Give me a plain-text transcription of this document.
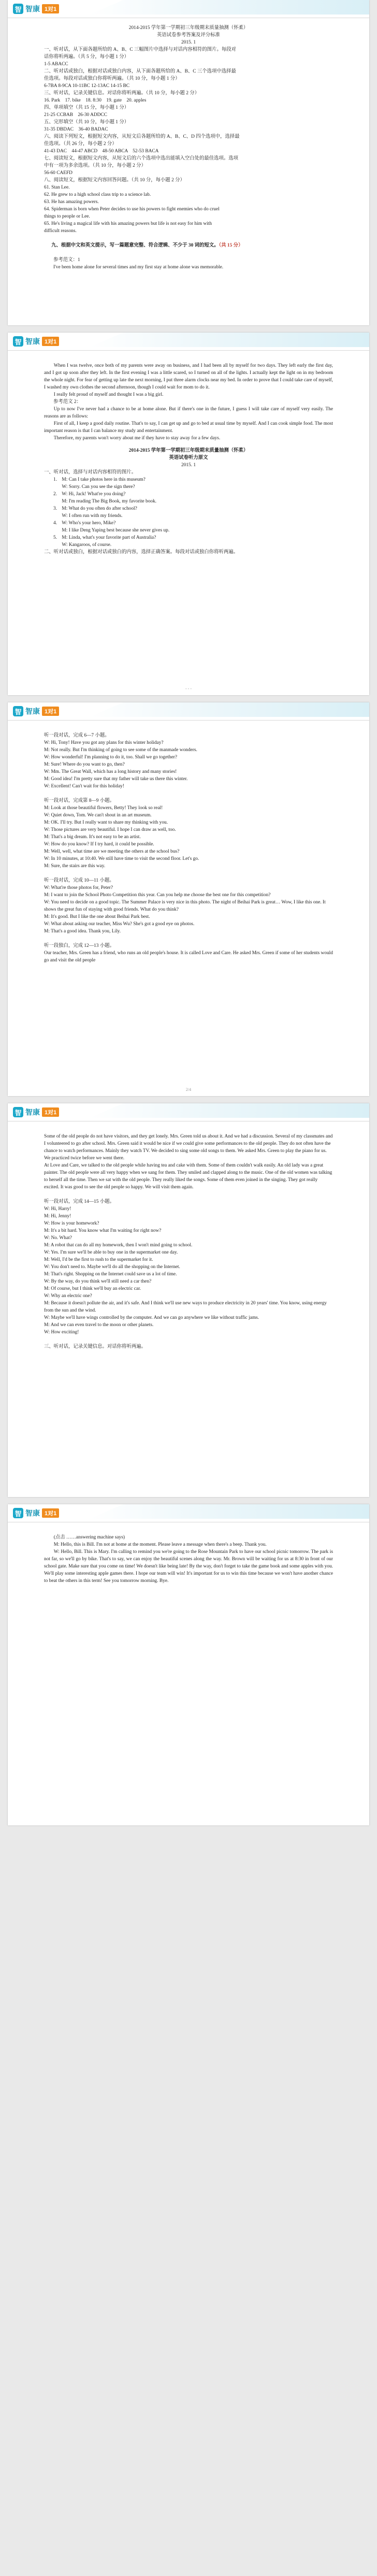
智 智康 1对1

2014-2015 学年第一学期初三年级期末质量抽测（怀柔）

英语试卷参考答案及评分标准

2015. 1

一、听对话，从下面各题所给的 A、B、C 三幅图片中选择与对话内容相符的图片。每段对

话你将听两遍。（共 5 分，每小题 1 分）

1-5 ABACC

二、听对话或独白，根据对话或独白内容，从下面各题所给的 A、B、C 三个选项中选择最

佳选项。每段对话或独白你将听两遍。（共 10 分，每小题 1 分）

6-7BA 8-9CA 10-11BC 12-13AC 14-15 BC

三、听对话，记录关键信息。对话你将听两遍。（共 10 分，每小题 2 分）

16. Park    17. bike    18. 8:30    19. gate    20. apples

四、单项填空（共 15 分，每小题 1 分）

21-25 CCBAB    26-30 ADDCC

五、完形填空（共 10 分，每小题 1 分）

31-35 DBDAC    36-40 BADAC

六、阅读下列短文，根据短文内容，从短文后各题所给的 A、B、C、D 四个选项中，选择最

佳选项。（共 26 分，每小题 2 分）

41-43 DAC    44-47 ABCD    48-50 ABCA    52-53 BACA

七、阅读短文，根据短文内容，从短文后的六个选项中选出能填入空白处的最佳选项。选项

中有一项为多余选项。（共 10 分，每小题 2 分）

56-60 CAEFD

八、阅读短文，根据短文内容回答问题。（共 10 分，每小题 2 分）

61. Stan Lee.

62. He grew to a high school class trip to a science lab.

63. He has amazing powers.

64. Spiderman is born when Peter decides to use his powers to fight enemies who do cruel

things to people or Lee.

65. He's living a magical life with his amazing powers but life is not easy for him with

difficult reasons.

九、根据中文和英文提示，写一篇题意完整、符合逻辑、不少于 30 词的短文。（共 15 分）

参考范文：1

I've been home alone for several times and my first stay at home alone was memorable.

智 智康 1对1

When I was twelve, once both of my parents were away on business, and I had been all by myself for two days. They left early the first day, and I got up soon after they left. In the first evening I was a little scared, so I turned on all of the lights. I actually kept the light on in my bedroom the whole night. For fear of getting up late the next morning, I put three alarm clocks near my bed. In order to prove that I could take care of myself, I washed my own clothes the second afternoon, though I could wait for mom to do it.

I really felt proud of myself and thought I was a big girl.

参考范文 2：

Up to now I've never had a chance to be at home alone. But if there's one in the future, I guess I will take care of myself very easily. The reasons are as follows:

First of all, I keep a good daily routine. That's to say, I can get up and go to bed at usual time by myself. And I can cook simple food. The most important reason is that I can balance my study and entertainment.

Therefore, my parents won't worry about me if they have to stay away for a few days.

2014-2015 学年第一学期初三年级期末质量抽测（怀柔）

英语试卷听力原文

2015. 1

一、听对话，选择与对话内容相符的图片。

1.    M: Can I take photos here in this museum?

W: Sorry. Can you see the sign there?

2.    W: Hi, Jack! What're you doing?

M: I'm reading The Big Book, my favorite book.

3.    M: What do you often do after school?

W: I often run with my friends.

4.    W: Who's your hero, Mike?

M: I like Deng Yaping best because she never gives up.

5.    M: Linda, what's your favorite part of Australia?

W: Kangaroos, of course.

二、听对话或独白，根据对话或独白的内容，选择正确答案。每段对话或独白你将听两遍。

- - -
智 智康 1对1

听一段对话，完成 6—7 小题。

W: Hi, Tony! Have you got any plans for this winter holiday?

M: Not really. But I'm thinking of going to see some of the manmade wonders.

W: How wonderful! I'm planning to do it, too. Shall we go together?

M: Sure! Where do you want to go, then?

W: Mm. The Great Wall, which has a long history and many stories!

M: Good idea! I'm pretty sure that my father will take us there this winter.

W: Excellent! Can't wait for this holiday!

听一段对话，完成第 8—9 小题。

M: Look at those beautiful flowers, Betty! They look so real!

W: Quiet down, Tom. We can't shout in an art museum.

M: OK. I'll try. But I really want to share my thinking with you.

W: Those pictures are very beautiful. I hope I can draw as well, too.

M: That's a big dream. It's not easy to be an artist.

W: How do you know? If I try hard, it could be possible.

M: Well, well, what time are we meeting the others at the school bus?

W: In 10 minutes, at 10:40. We still have time to visit the second floor. Let's go.

M: Sure, the stairs are this way.

听一段对话，完成 10—11 小题。

W: What're those photos for, Peter?

M: I want to join the School Photo Competition this year. Can you help me choose the best one for this competition?

W: You need to decide on a good topic. The Summer Palace is very nice in this photo. The night of Beihai Park is great… Wow, I like this one. It shows the great fun of staying with good friends. What do you think?

M: It's good. But I like the one about Beihai Park best.

W: What about asking our teacher, Miss Wu? She's got a good eye on photos.

M: That's a good idea. Thank you, Lily.

听一段独白，完成 12—13 小题。

Our teacher, Mrs. Green has a friend, who runs an old people's house. It is called Love and Care. He asked Mrs. Green if some of her students would go and visit the old people

2/4
智 智康 1对1

Some of the old people do not have visitors, and they get lonely. Mrs. Green told us about it. And we had a discussion. Several of my classmates and I volunteered to go after school. Mrs. Green said it would be nice if we could give some performances to the old people. They do not often have the chance to watch performances. Mainly they watch TV. We decided to sing some old songs to them. We asked Mrs. Green to play the piano for us. We practiced twice before we went there.

At Love and Care, we talked to the old people while having tea and cake with them. Some of them couldn't walk easily. An old lady was a great painter. The old people were all very happy when we sang for them. They smiled and clapped along to the music. One of the old women was talking to herself all the time. Then we sat with the old people. They really liked the songs. Some of them even joined in the singing. They got really excited. It was good to see the old people so happy. We will visit them again.

听一段对话，完成 14—15 小题。

W: Hi, Harry!

M: Hi, Jenny!

W: How is your homework?

M: It's a bit hard. You know what I'm waiting for right now?

W: No. What?

M: A robot that can do all my homework, then I won't mind going to school.

W: Yes. I'm sure we'll be able to buy one in the supermarket one day.

M: Well, I'd be the first to rush to the supermarket for it.

W: You don't need to. Maybe we'll do all the shopping on the Internet.

M: That's right. Shopping on the Internet could save us a lot of time.

W: By the way, do you think we'll still need a car then?

M: Of course, but I think we'll buy an electric car.

W: Why an electric one?

M: Because it doesn't pollute the air, and it's safe. And I think we'll use new ways to produce electricity in 20 years' time. You know, using energy from the sun and the wind.

W: Maybe we'll have wings controlled by the computer. And we can go anywhere we like without traffic jams.

M: And we can even travel to the moon or other planets.

W: How exciting!

三、听对话，记录关键信息。对话你将听两遍。

智 智康 1对1

(点击 ……answering machine says)

M: Hello, this is Bill. I'm not at home at the moment. Please leave a message when there's a beep. Thank you.

W: Hello, Bill. This is Mary. I'm calling to remind you we're going to the Rose Mountain Park to have our school picnic tomorrow. The park is not far, so we'll go by bike. That's to say, we can enjoy the beautiful scenes along the way. Mr. Brown will be waiting for us at 8:30 in front of our school gate. Make sure that you come on time! We doesn't like being late! By the way, don't forget to take the game book and some apples with you. We'll play some interesting apple games there. I hope our team will win! It's important for us to win this time because we won't have another chance to beat the others in this term! See you tomorrow morning. Bye.
